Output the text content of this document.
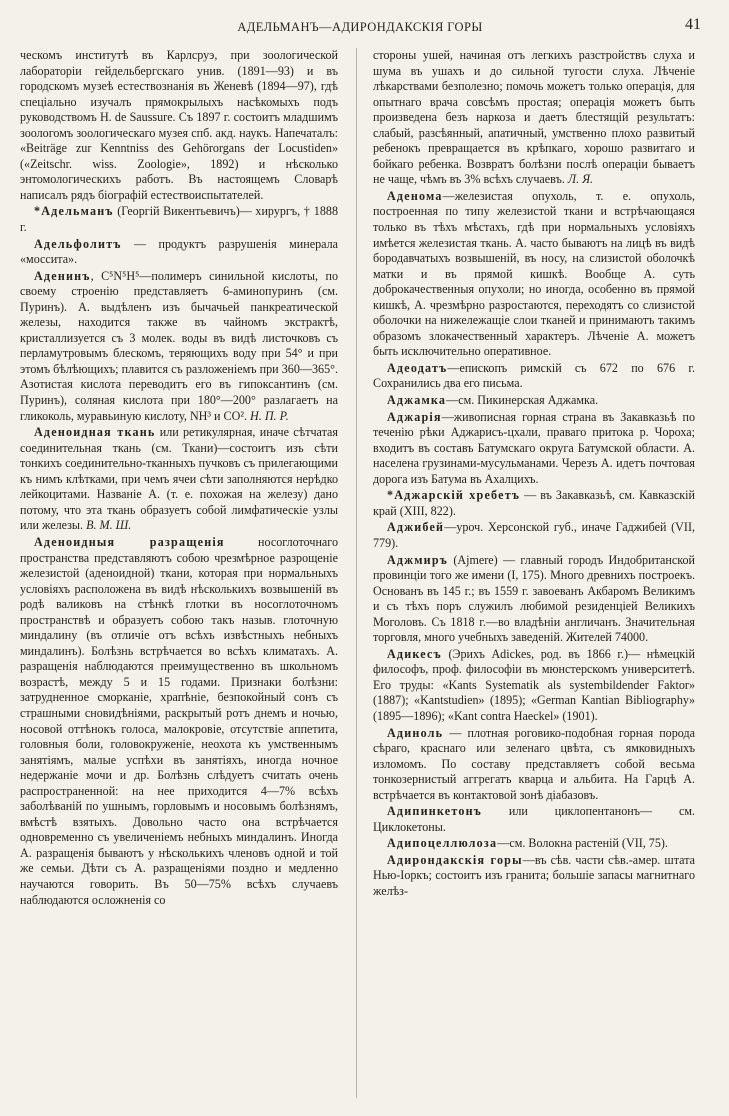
АДЕЛЬМАНЪ—АДИРОНДАКСКІЯ ГОРЫ	41

ческомъ институтѣ въ Карлсруэ, при зоологической лабораторіи гейдельбергскаго унив. (1891—93) и въ городскомъ музеѣ естествознанія въ Женевѣ (1894—97), гдѣ спеціально изучалъ прямокрылыхъ насѣкомыхъ подъ руководствомъ H. de Saussure. Съ 1897 г. состоитъ младшимъ зоологомъ зоологическаго музея спб. акд. наукъ. Напечаталъ: «Beiträge zur Kenntniss des Gehörorgans der Locustiden» («Zeitschr. wiss. Zoologie», 1892) и нѣсколько энтомологическихъ работъ. Въ настоящемъ Словарѣ написалъ рядъ біографій естествоиспытателей.

*Адельманъ (Георгій Викентьевичъ)— хирургъ, † 1888 г.

Адельфолитъ — продуктъ разрушенія минерала «моссита».

Аденинъ, C⁵N⁵H⁵—полимеръ синильной кислоты, по своему строенію представляетъ 6-аминопуринъ (см. Пуринъ). А. выдѣленъ изъ бычачьей панкреатической железы, находится также въ чайномъ экстрактѣ, кристаллизуется съ 3 молек. воды въ видѣ листочковъ съ перламутровымъ блескомъ, теряющихъ воду при 54° и при этомъ бѣлѣющихъ; плавится съ разложеніемъ при 360—365°. Азотистая кислота переводитъ его въ гипоксантинъ (см. Пуринъ), соляная кислота при 180°—200° разлагаетъ на гликоколь, муравьиную кислоту, NH³ и CO². Н. П. Р.

Аденоидная ткань или ретикулярная, иначе сѣтчатая соединительная ткань (см. Ткани)—состоитъ изъ сѣти тонкихъ соединительно-тканныхъ пучковъ съ прилегающими къ нимъ клѣтками, при чемъ ячеи сѣти заполняются нерѣдко лейкоцитами. Названіе А. (т. е. похожая на железу) дано потому, что эта ткань образуетъ собой лимфатическіе узлы или железы. В. М. Ш.

Аденоидныя разращенія носоглоточнаго пространства представляютъ собою чрезмѣрное разрощеніе железистой (аденоидной) ткани, которая при нормальныхъ условіяхъ расположена въ видѣ нѣсколькихъ возвышеній въ родѣ валиковъ на стѣнкѣ глотки въ носоглоточномъ пространствѣ и образуетъ собою такъ назыв. глоточную миндалину (въ отличіе отъ всѣхъ извѣстныхъ небныхъ миндалинъ). Болѣзнь встрѣчается во всѣхъ климатахъ. А. разращенія наблюдаются преимущественно въ школьномъ возрастѣ, между 5 и 15 годами. Признаки болѣзни: затрудненное сморканіе, храпѣніе, безпокойный сонъ съ страшными сновидѣніями, раскрытый ротъ днемъ и ночью, носовой оттѣнокъ голоса, малокровіе, отсутствіе аппетита, головныя боли, головокруженіе, неохота къ умственнымъ занятіямъ, малые успѣхи въ занятіяхъ, иногда ночное недержаніе мочи и др. Болѣзнь слѣдуетъ считать очень распространенной: на нее приходится 4—7% всѣхъ заболѣваній по ушнымъ, горловымъ и носовымъ болѣзнямъ, вмѣстѣ взятыхъ. Довольно часто она встрѣчается одновременно съ увеличеніемъ небныхъ миндалинъ. Иногда А. разращенія бываютъ у нѣсколькихъ членовъ одной и той же семьи. Дѣти съ А. разращеніями поздно и медленно научаются говорить. Въ 50—75% всѣхъ случаевъ наблюдаются осложненія со

стороны ушей, начиная отъ легкихъ разстройствъ слуха и шума въ ушахъ и до сильной тугости слуха. Лѣченіе лѣкарствами безполезно; помочь можетъ только операція, для опытнаго врача совсѣмъ простая; операція можетъ быть произведена безъ наркоза и даетъ блестящій результатъ: слабый, разсѣянный, апатичный, умственно плохо развитый ребенокъ превращается въ крѣпкаго, хорошо развитаго и бойкаго ребенка. Возвратъ болѣзни послѣ операціи бываетъ не чаще, чѣмъ въ 3% всѣхъ случаевъ. Л. Я.

Аденома—железистая опухоль, т. е. опухоль, построенная по типу железистой ткани и встрѣчающаяся только въ тѣхъ мѣстахъ, гдѣ при нормальныхъ условіяхъ имѣется железистая ткань. А. часто бываютъ на лицѣ въ видѣ бородавчатыхъ возвышеній, въ носу, на слизистой оболочкѣ матки и въ прямой кишкѣ. Вообще А. суть доброкачественныя опухоли; но иногда, особенно въ прямой кишкѣ, А. чрезмѣрно разростаются, переходятъ со слизистой оболочки на нижележащіе слои тканей и принимаютъ такимъ образомъ злокачественный характеръ. Лѣченіе А. можетъ быть исключительно оперативное.

Адеодатъ—епископъ римскій съ 672 по 676 г. Сохранились два его письма.

Аджамка—см. Пикинерская Аджамка.

Аджарія—живописная горная страна въ Закавказьѣ по теченію рѣки Аджарисъ-цхали, праваго притока р. Чороха; входитъ въ составъ Батумскаго округа Батумской области. А. населена грузинами-мусульманами. Черезъ А. идетъ почтовая дорога изъ Батума въ Ахалцихъ.

*Аджарскій хребетъ — въ Закавказьѣ, см. Кавказскій край (XIII, 822).

Аджибей—уроч. Херсонской губ., иначе Гаджибей (VII, 779).

Аджмиръ (Ajmere) — главный городъ Индобританской провинціи того же имени (I, 175). Много древнихъ построекъ. Основанъ въ 145 г.; въ 1559 г. завоеванъ Акбаромъ Великимъ и съ тѣхъ поръ служилъ любимой резиденціей Великихъ Моголовъ. Съ 1818 г.—во владѣніи англичанъ. Значительная торговля, много учебныхъ заведеній. Жителей 74000.

Адикесъ (Эрихъ Adickes, род. въ 1866 г.)— нѣмецкій философъ, проф. философіи въ мюнстерскомъ университетѣ. Его труды: «Kants Systematik als systembildender Faktor» (1887); «Kantstudien» (1895); «German Kantian Bibliography» (1895—1896); «Kant contra Haeckel» (1901).

Адиноль — плотная роговико-подобная горная порода сѣраго, краснаго или зеленаго цвѣта, съ ямковидныхъ изломомъ. По составу представляетъ собой весьма тонкозернистый аггрегатъ кварца и альбита. На Гарцѣ А. встрѣчается въ контактовой зонѣ діабазовъ.

Адипинкетонъ или циклопентанонъ— см. Циклокетоны.

Адипоцеллюлоза—см. Волокна растеній (VII, 75).

Адирондакскія горы—въ сѣв. части сѣв.-амер. штата Нью-Іоркъ; состоитъ изъ гранита; большіе запасы магнитнаго желѣз-
